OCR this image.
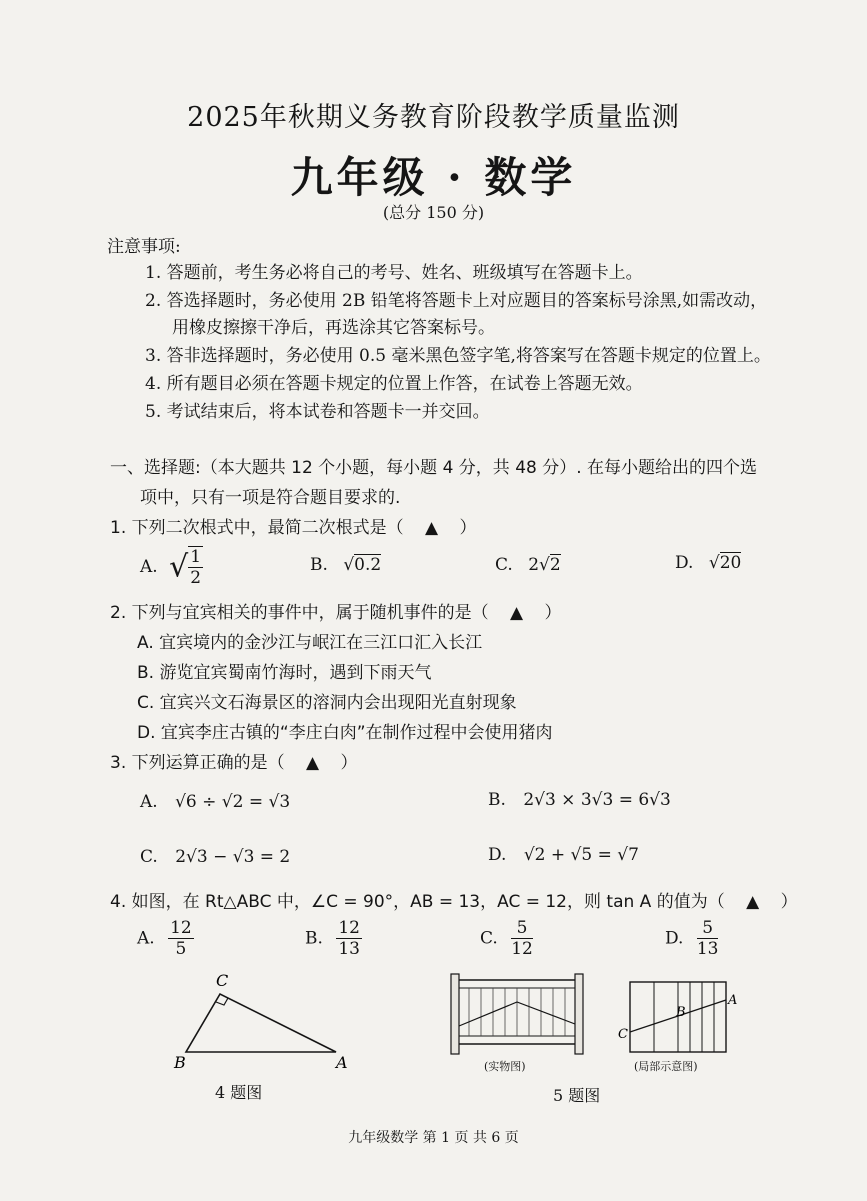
2025年秋期义务教育阶段教学质量监测
九年级 · 数学
(总分 150 分)
注意事项:
1. 答题前，考生务必将自己的考号、姓名、班级填写在答题卡上。
2. 答选择题时，务必使用 2B 铅笔将答题卡上对应题目的答案标号涂黑,如需改动，
用橡皮擦擦干净后，再选涂其它答案标号。
3. 答非选择题时，务必使用 0.5 毫米黑色签字笔,将答案写在答题卡规定的位置上。
4. 所有题目必须在答题卡规定的位置上作答，在试卷上答题无效。
5. 考试结束后，将本试卷和答题卡一并交回。
一、选择题:（本大题共 12 个小题，每小题 4 分，共 48 分）. 在每小题给出的四个选
项中，只有一项是符合题目要求的.
1. 下列二次根式中，最简二次根式是（ ▲ ）
A. √ $\frac{1}{2}$	B. √0.2	C. 2√2	D. √20
2. 下列与宜宾相关的事件中，属于随机事件的是（ ▲ ）
A. 宜宾境内的金沙江与岷江在三江口汇入长江
B. 游览宜宾蜀南竹海时，遇到下雨天气
C. 宜宾兴文石海景区的溶洞内会出现阳光直射现象
D. 宜宾李庄古镇的“李庄白肉”在制作过程中会使用猪肉
3. 下列运算正确的是（ ▲ ）
A. √6 ÷ √2 = √3	B. 2√3 × 3√3 = 6√3
C. 2√3 − √3 = 2	D. √2 + √5 = √7
4. 如图，在 Rt△ABC 中，∠C = 90°，AB = 13，AC = 12，则 tan A 的值为（ ▲ ）
A. $\frac{12}{5}$	B. $\frac{12}{13}$	C. $\frac{5}{12}$	D. $\frac{5}{13}$
C
B	A
4 题图
(实物图)
C
B
A
(局部示意图)
5 题图
九年级数学 第 1 页 共 6 页
